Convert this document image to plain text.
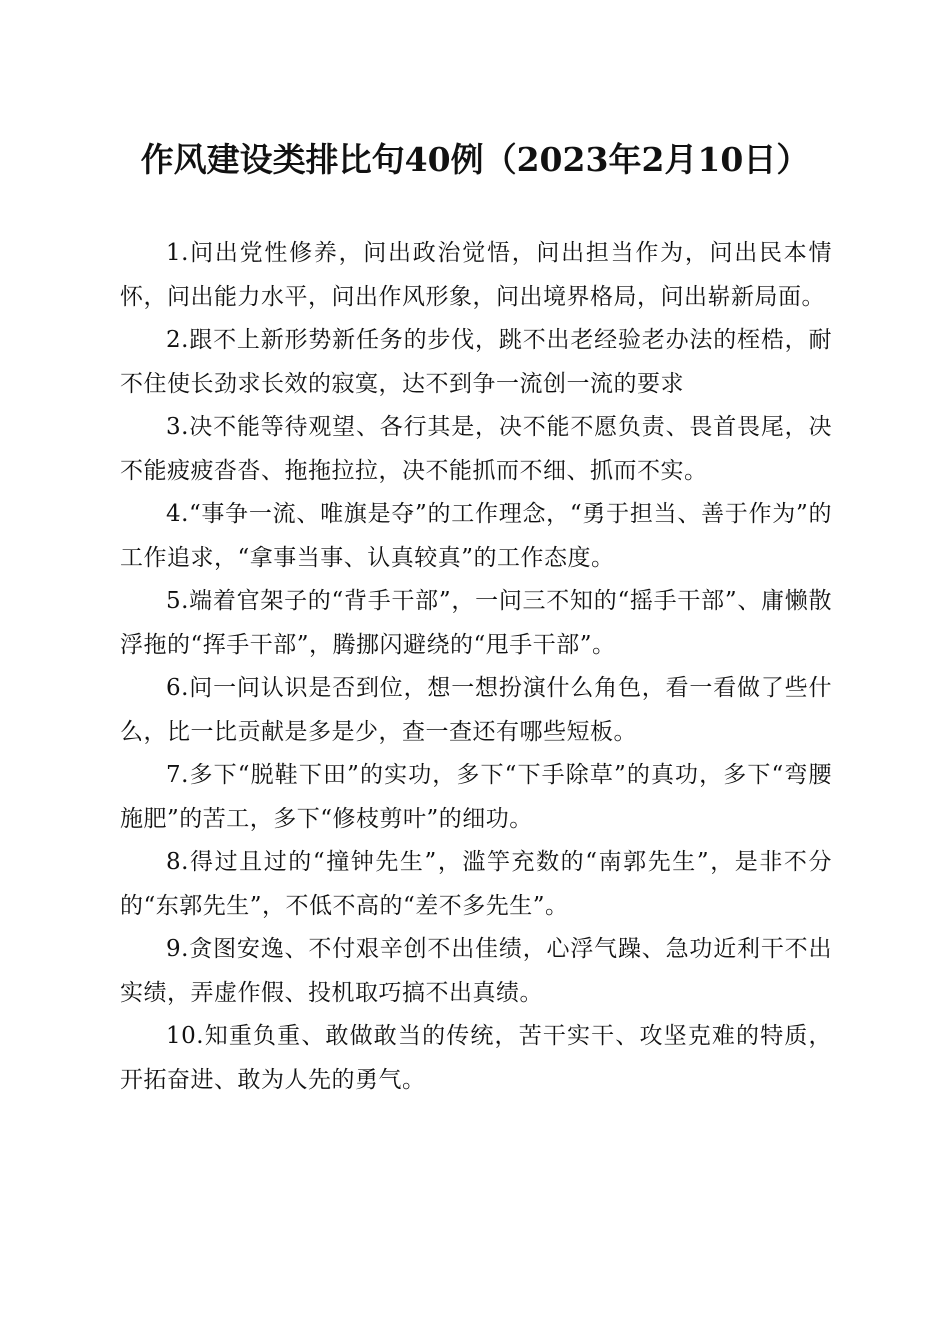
作风建设类排比句40例（2023年2月10日）

1.问出党性修养，问出政治觉悟，问出担当作为，问出民本情怀，问出能力水平，问出作风形象，问出境界格局，问出崭新局面。

2.跟不上新形势新任务的步伐，跳不出老经验老办法的桎梏，耐不住使长劲求长效的寂寞，达不到争一流创一流的要求

3.决不能等待观望、各行其是，决不能不愿负责、畏首畏尾，决不能疲疲沓沓、拖拖拉拉，决不能抓而不细、抓而不实。

4.“事争一流、唯旗是夺”的工作理念，“勇于担当、善于作为”的工作追求，“拿事当事、认真较真”的工作态度。

5.端着官架子的“背手干部”，一问三不知的“摇手干部”、庸懒散浮拖的“挥手干部”，腾挪闪避绕的“甩手干部”。

6.问一问认识是否到位，想一想扮演什么角色，看一看做了些什么，比一比贡献是多是少，查一查还有哪些短板。

7.多下“脱鞋下田”的实功，多下“下手除草”的真功，多下“弯腰施肥”的苦工，多下“修枝剪叶”的细功。

8.得过且过的“撞钟先生”，滥竽充数的“南郭先生”，是非不分的“东郭先生”，不低不高的“差不多先生”。

9.贪图安逸、不付艰辛创不出佳绩，心浮气躁、急功近利干不出实绩，弄虚作假、投机取巧搞不出真绩。

10.知重负重、敢做敢当的传统，苦干实干、攻坚克难的特质，开拓奋进、敢为人先的勇气。
